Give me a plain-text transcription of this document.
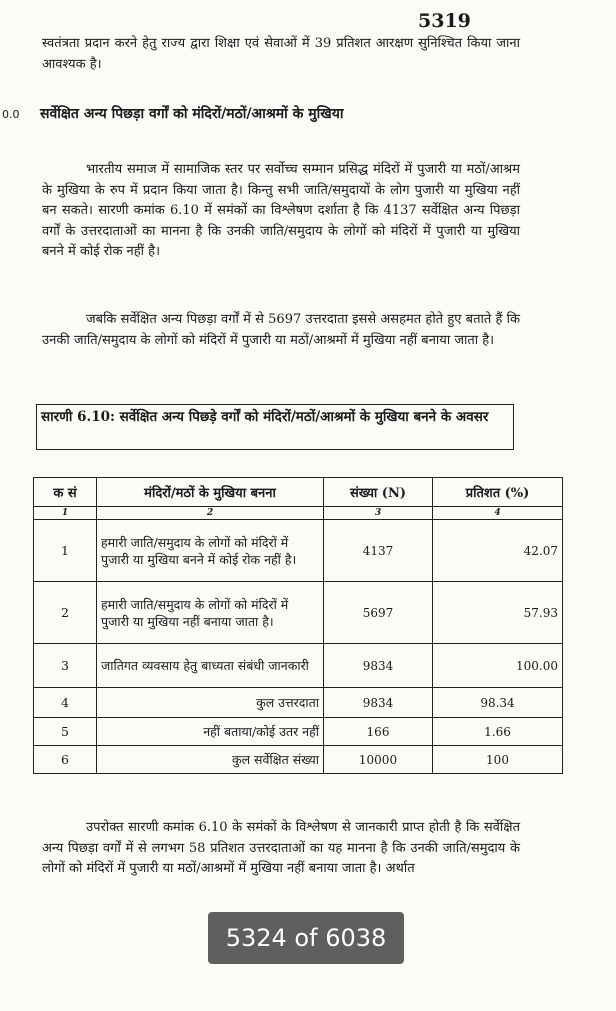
5319

स्वतंत्रता प्रदान करने हेतु राज्य द्वारा शिक्षा एवं सेवाओं में 39 प्रतिशत आरक्षण सुनिश्चित किया जाना आवश्यक है।

0.0 सर्वेक्षित अन्य पिछड़ा वर्गों को मंदिरों/मठों/आश्रमों के मुखिया

भारतीय समाज में सामाजिक स्तर पर सर्वोच्च सम्मान प्रसिद्ध मंदिरों में पुजारी या मठों/आश्रम के मुखिया के रुप में प्रदान किया जाता है। किन्तु सभी जाति/समुदायों के लोग पुजारी या मुखिया नहीं बन सकते। सारणी कमांक 6.10 में समंकों का विश्लेषण दर्शाता है कि 4137 सर्वेक्षित अन्य पिछड़ा वर्गों के उत्तरदाताओं का मानना है कि उनकी जाति/समुदाय के लोगों को मंदिरों में पुजारी या मुखिया बनने में कोई रोक नहीं है।

जबकि सर्वेक्षित अन्य पिछड़ा वर्गों में से 5697 उत्तरदाता इससे असहमत होते हुए बताते हैं कि उनकी जाति/समुदाय के लोगों को मंदिरों में पुजारी या मठों/आश्रमों में मुखिया नहीं बनाया जाता है।

सारणी 6.10: सर्वेक्षित अन्य पिछड़े वर्गों को मंदिरों/मठों/आश्रमों के मुखिया बनने के अवसर
क सं	मंदिरों/मठों के मुखिया बनना	संख्या (N)	प्रतिशत (%)
1	2	3	4
1	हमारी जाति/समुदाय के लोगों को मंदिरों में पुजारी या मुखिया बनने में कोई रोक नहीं है।	4137	42.07
2	हमारी जाति/समुदाय के लोगों को मंदिरों में पुजारी या मुखिया नहीं बनाया जाता है।	5697	57.93
3	जातिगत व्यवसाय हेतु बाध्यता संबंधी जानकारी	9834	100.00
4	कुल उत्तरदाता	9834	98.34
5	नहीं बताया/कोई उतर नहीं	166	1.66
6	कुल सर्वेक्षित संख्या	10000	100

उपरोक्त सारणी कमांक 6.10 के समंकों के विश्लेषण से जानकारी प्राप्त होती है कि सर्वेक्षित अन्य पिछड़ा वर्गों में से लगभग 58 प्रतिशत उत्तरदाताओं का यह मानना है कि उनकी जाति/समुदाय के लोगों को मंदिरों में पुजारी या मठों/आश्रमों में मुखिया नहीं बनाया जाता है। अर्थात

5324 of 6038
